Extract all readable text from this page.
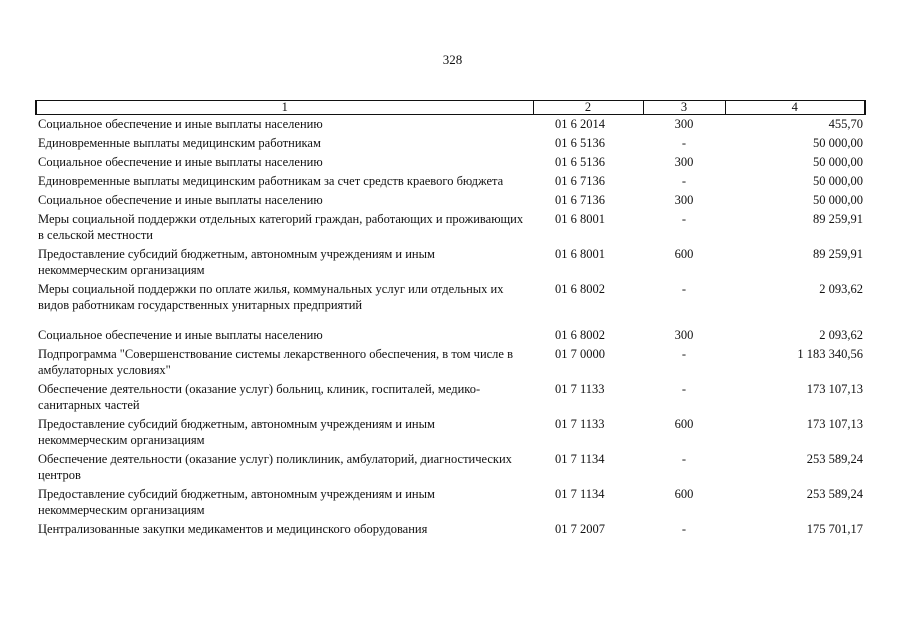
328
1	2	3	4
Социальное обеспечение и иные выплаты населению	01 6 2014	300	455,70
Единовременные выплаты медицинским работникам	01 6 5136	-	50 000,00
Социальное обеспечение и иные выплаты населению	01 6 5136	300	50 000,00
Единовременные выплаты медицинским работникам за счет средств краевого бюджета	01 6 7136	-	50 000,00
Социальное обеспечение и иные выплаты населению	01 6 7136	300	50 000,00
Меры социальной поддержки отдельных категорий граждан, работающих и проживающих в сельской местности	01 6 8001	-	89 259,91
Предоставление субсидий бюджетным, автономным учреждениям и иным некоммерческим организациям	01 6 8001	600	89 259,91
Меры социальной поддержки по оплате жилья, коммунальных услуг или отдельных их видов работникам государственных унитарных предприятий	01 6 8002	-	2 093,62
Социальное обеспечение и иные выплаты населению	01 6 8002	300	2 093,62
Подпрограмма "Совершенствование системы лекарственного обеспечения, в том числе в амбулаторных условиях"	01 7 0000	-	1 183 340,56
Обеспечение деятельности (оказание услуг) больниц, клиник, госпиталей, медико-санитарных частей	01 7 1133	-	173 107,13
Предоставление субсидий бюджетным, автономным учреждениям и иным некоммерческим организациям	01 7 1133	600	173 107,13
Обеспечение деятельности (оказание услуг) поликлиник, амбулаторий, диагностических центров	01 7 1134	-	253 589,24
Предоставление субсидий бюджетным, автономным учреждениям и иным некоммерческим организациям	01 7 1134	600	253 589,24
Централизованные закупки медикаментов и медицинского оборудования	01 7 2007	-	175 701,17
